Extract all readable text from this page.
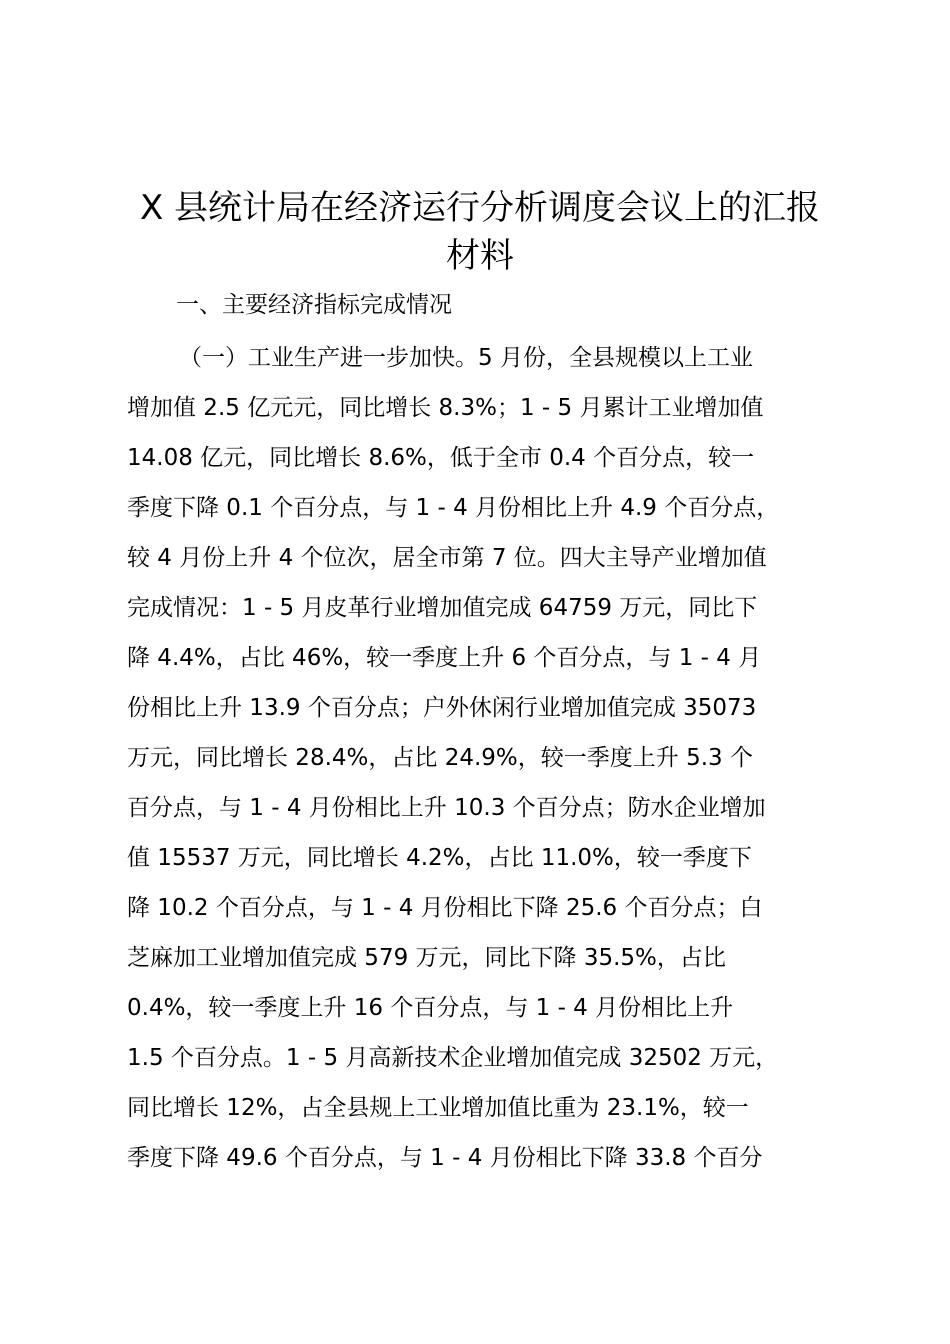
X 县统计局在经济运行分析调度会议上的汇报
材料

一、主要经济指标完成情况

（一）工业生产进一步加快。5 月份，全县规模以上工业
增加值 2.5 亿元元，同比增长 8.3%；1 - 5 月累计工业增加值
14.08 亿元，同比增长 8.6%，低于全市 0.4 个百分点，较一
季度下降 0.1 个百分点，与 1 - 4 月份相比上升 4.9 个百分点，
较 4 月份上升 4 个位次，居全市第 7 位。四大主导产业增加值
完成情况：1 - 5 月皮革行业增加值完成 64759 万元，同比下
降 4.4%，占比 46%，较一季度上升 6 个百分点，与 1 - 4 月
份相比上升 13.9 个百分点；户外休闲行业增加值完成 35073
万元，同比增长 28.4%，占比 24.9%，较一季度上升 5.3 个
百分点，与 1 - 4 月份相比上升 10.3 个百分点；防水企业增加
值 15537 万元，同比增长 4.2%，占比 11.0%，较一季度下
降 10.2 个百分点，与 1 - 4 月份相比下降 25.6 个百分点；白
芝麻加工业增加值完成 579 万元，同比下降 35.5%，占比
0.4%，较一季度上升 16 个百分点，与 1 - 4 月份相比上升
1.5 个百分点。1 - 5 月高新技术企业增加值完成 32502 万元，
同比增长 12%，占全县规上工业增加值比重为 23.1%，较一
季度下降 49.6 个百分点，与 1 - 4 月份相比下降 33.8 个百分
